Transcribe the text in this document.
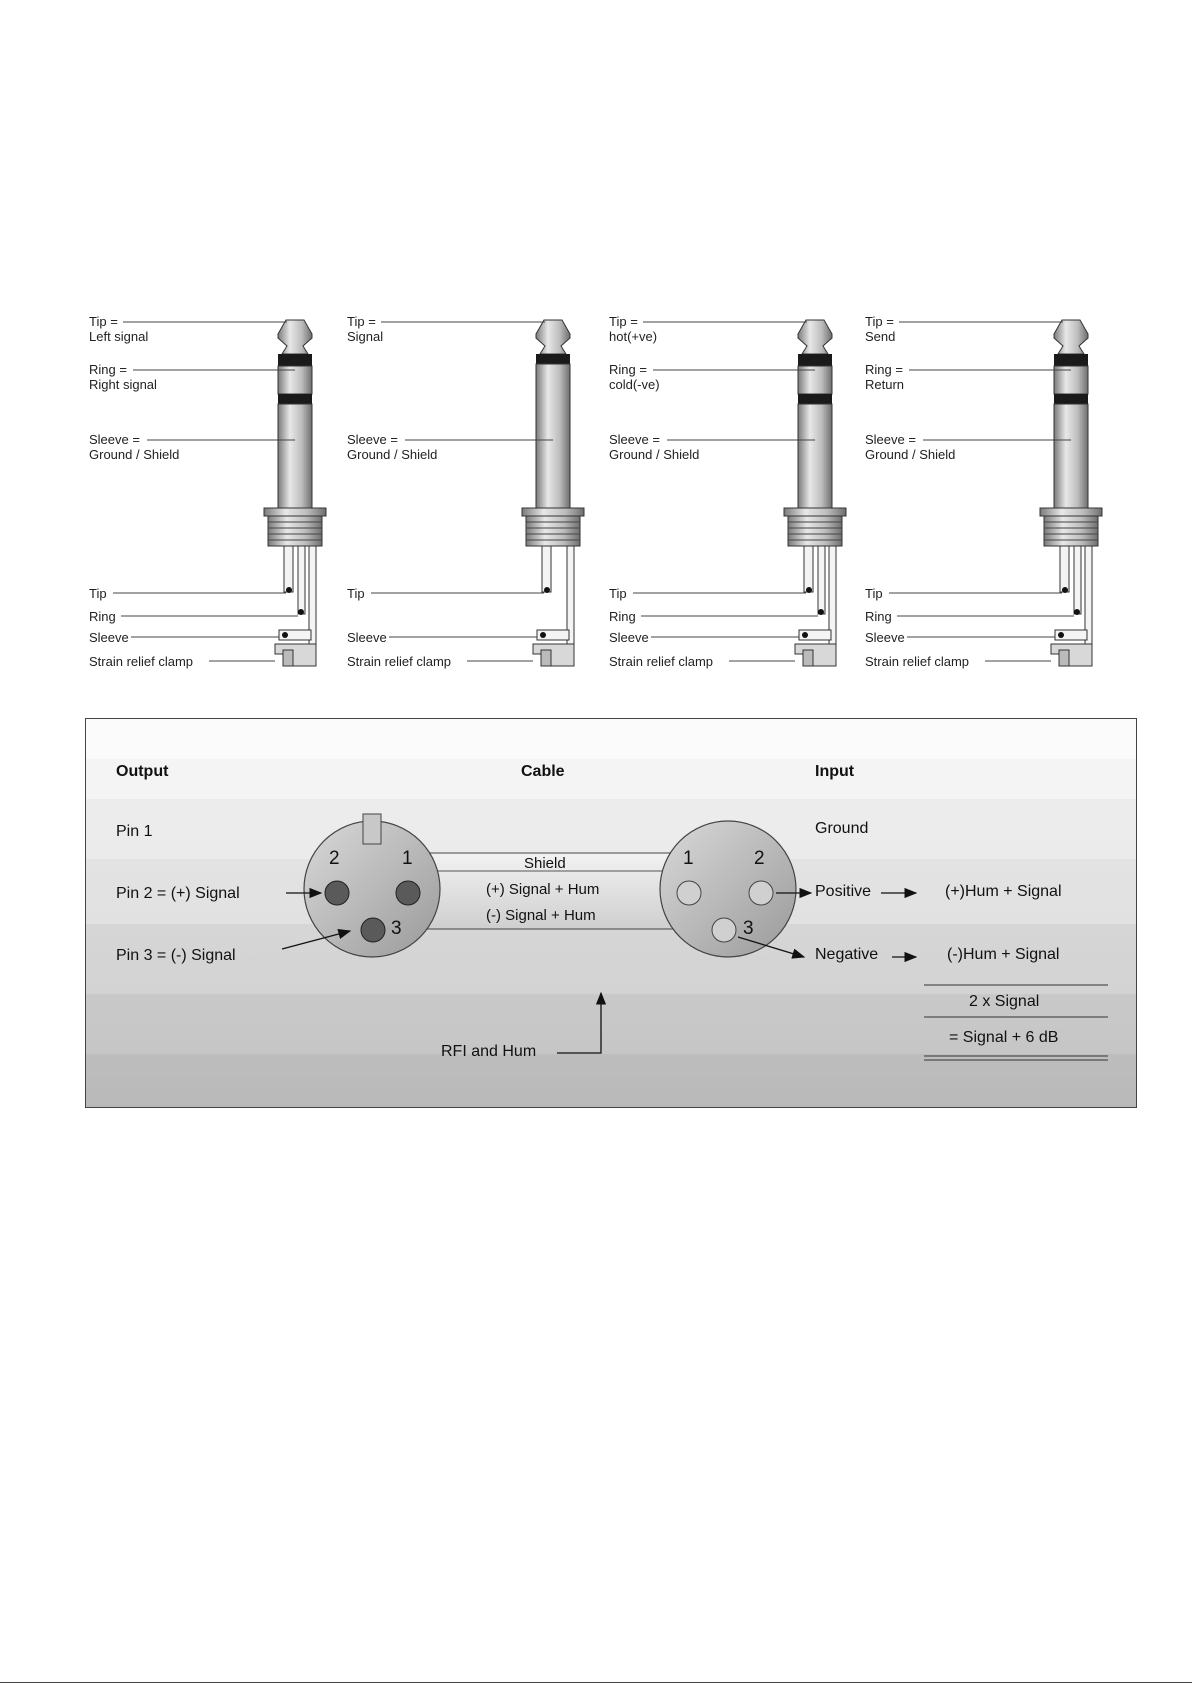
Tip =
Left signal
Ring =
Right signal
Sleeve =
Ground / Shield
Tip
Ring
Sleeve
Strain relief clamp
Tip =
Signal
Sleeve =
Ground / Shield
Tip
Sleeve
Strain relief clamp
Tip =
hot(+ve)
Ring =
cold(-ve)
Sleeve =
Ground / Shield
Tip
Ring
Sleeve
Strain relief clamp
Tip =
Send
Ring =
Return
Sleeve =
Ground / Shield
Tip
Ring
Sleeve
Strain relief clamp
Output	Cable	Input
Pin 1
Pin 2 = (+) Signal
Pin 3 = (-) Signal
2	1
3
1	2
3
Shield
(+) Signal + Hum
(-) Signal + Hum
Ground
Positive
Negative
(+)Hum + Signal
(-)Hum + Signal
2 x Signal
= Signal + 6 dB
RFI and Hum
